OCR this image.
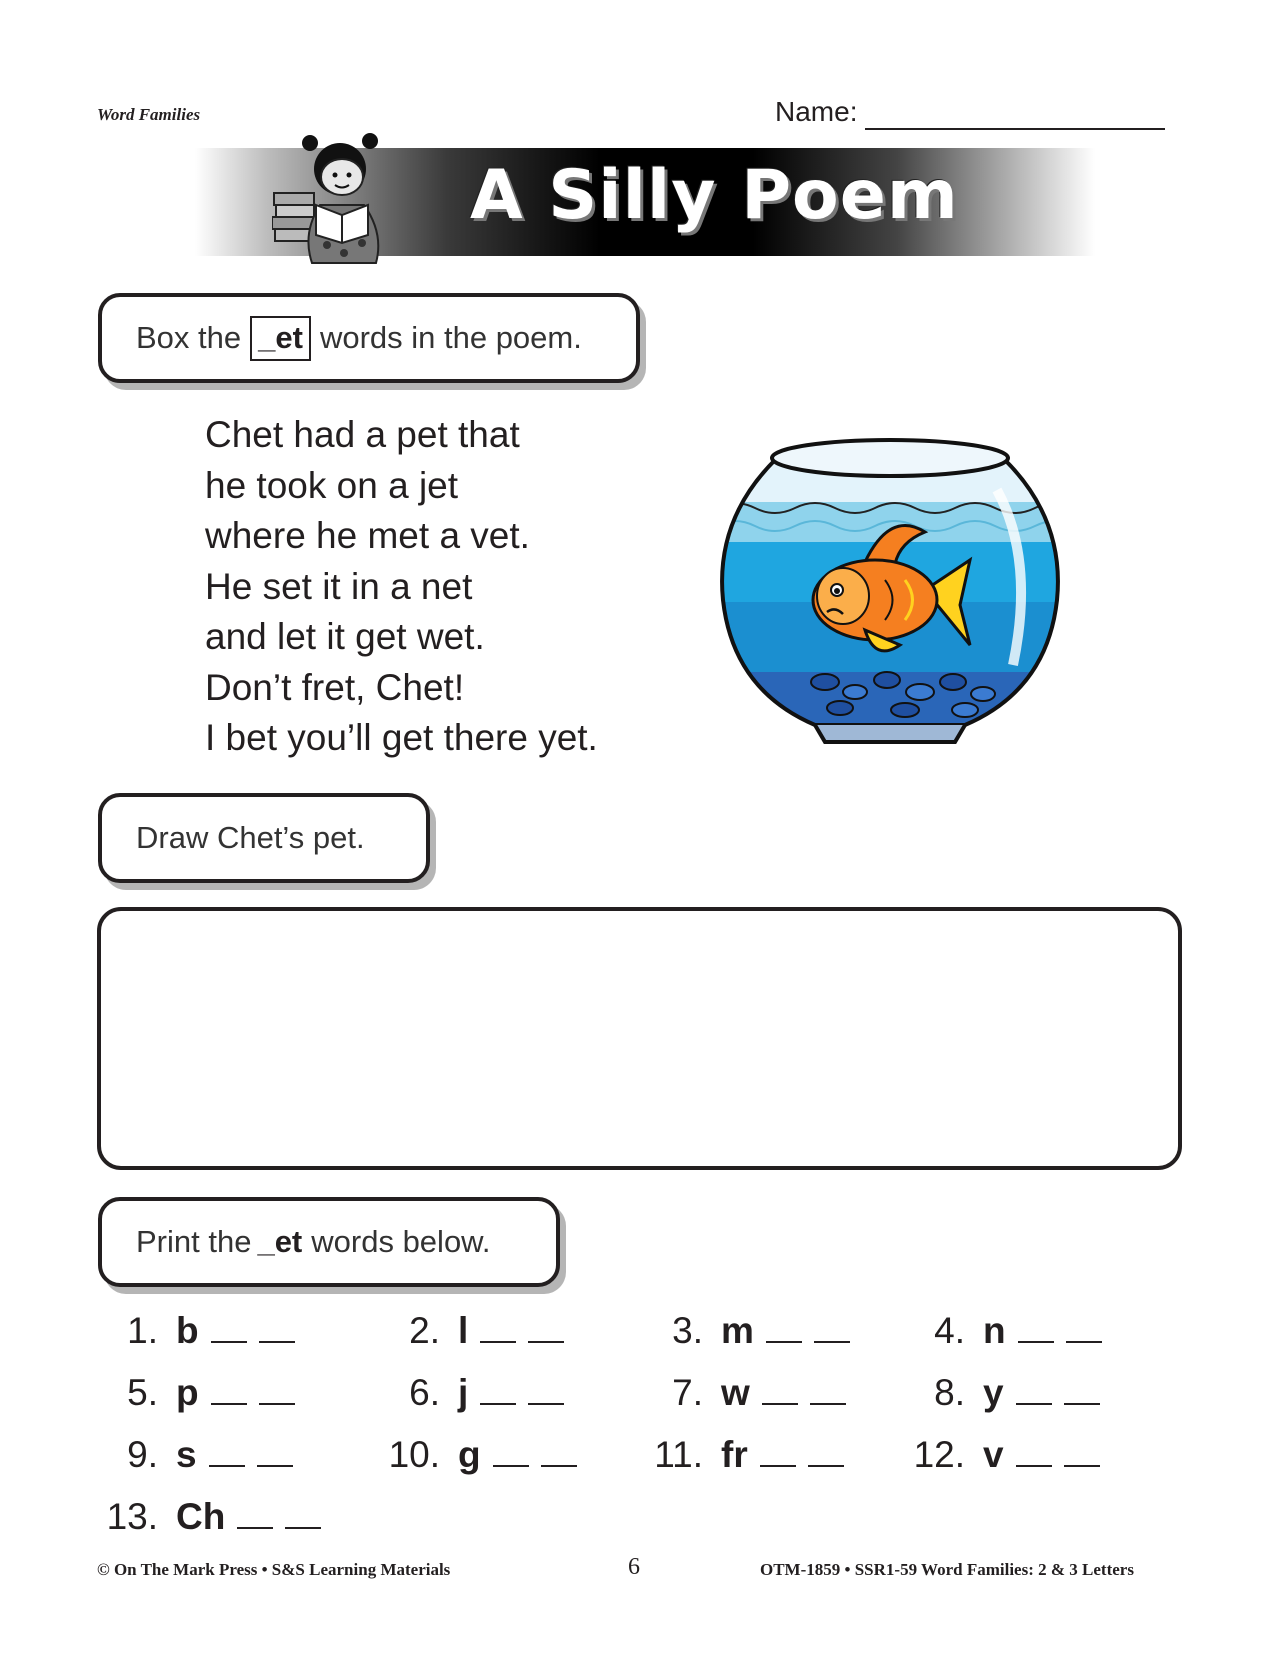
Word Families	Name:
A Silly Poem
Box the _et words in the poem.
Chet had a pet that
he took on a jet
where he met a vet.
He set it in a net
and let it get wet.
Don’t fret, Chet!
I bet you’ll get there yet.
Draw Chet’s pet.
Print the _et words below.
1. b	2. l	3. m	4. n
5. p	6. j	7. w	8. y
9. s	10. g	11. fr	12. v
13. Ch
© On The Mark Press • S&S Learning Materials	6	OTM-1859 • SSR1-59 Word Families: 2 & 3 Letters
